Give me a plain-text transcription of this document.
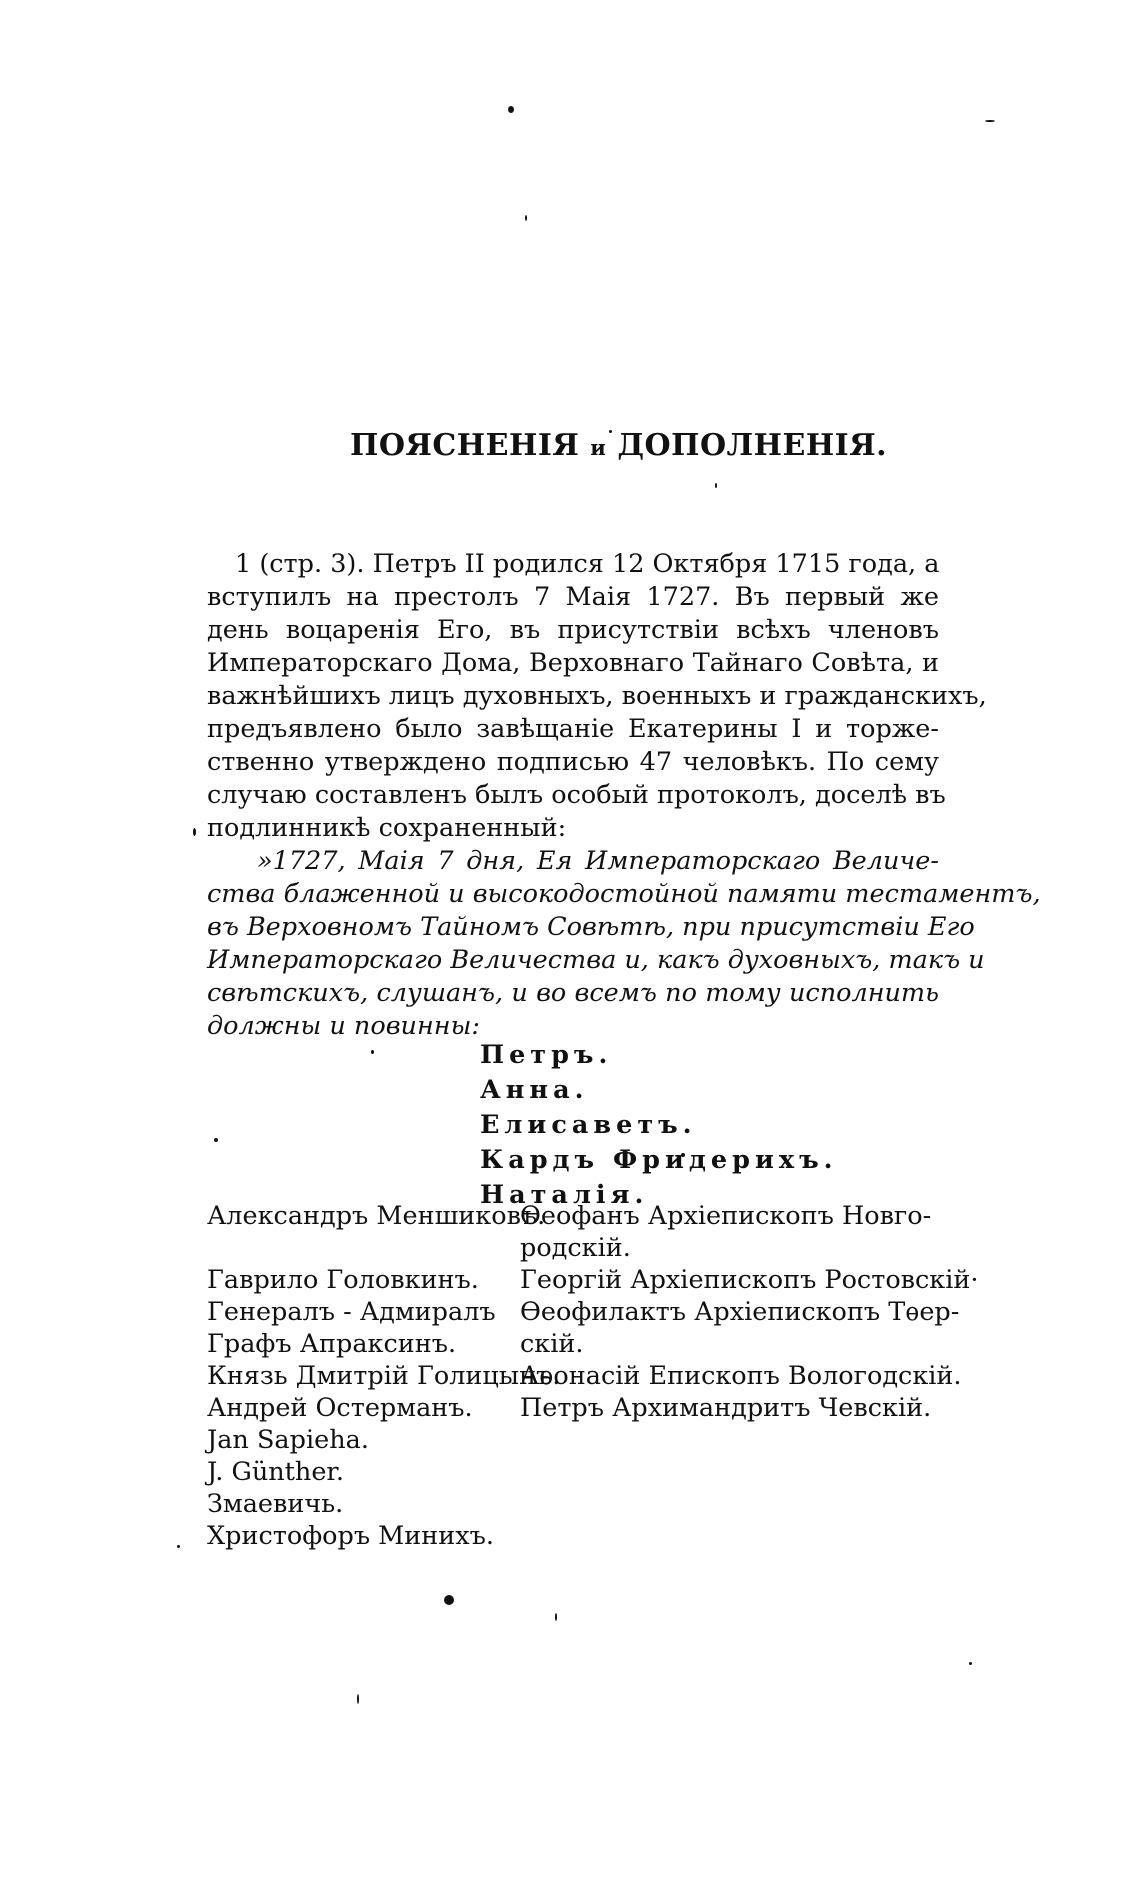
ПОЯСНЕНІЯ и ДОПОЛНЕНІЯ.
1 (стр. 3). Петръ II родился 12 Октября 1715 года, а
вступилъ на престолъ 7 Маія 1727. Въ первый же
день воцаренія Его, въ присутствіи всѣхъ членовъ
Императорскаго Дома, Верховнаго Тайнаго Совѣта, и
важнѣйшихъ лицъ духовныхъ, военныхъ и гражданскихъ,
предъявлено было завѣщаніе Екатерины I и торже-
ственно утверждено подписью 47 человѣкъ. По сему
случаю составленъ былъ особый протоколъ, доселѣ въ
подлинникѣ сохраненный:
»1727, Маія 7 дня, Ея Императорскаго Величе-
ства блаженной и высокодостойной памяти тестаментъ,
въ Верховномъ Тайномъ Совѣтѣ, при присутствіи Его
Императорскаго Величества и, какъ духовныхъ, такъ и
свѣтскихъ, слушанъ, и во всемъ по тому исполнить
должны и повинны:
Петръ.
Анна.
Елисаветъ.
Кардъ Фридерихъ.
Наталія.
Александръ Меншиковъ.
Гаврило Головкинъ.
Генералъ - Адмиралъ
Графъ Апраксинъ.
Князь Дмитрій Голицынъ.
Андрей Остерманъ.
Jan Sapieha.
J. Günther.
Змаевичь.
Христофоръ Минихъ.
Ѳеофанъ Архіепископъ Новго-
родскій.
Георгій Архіепископъ Ростовскій·
Ѳеофилактъ Архіепископъ Тѳер-
скій.
Аѳонасій Епископъ Вологодскій.
Петръ Архимандритъ Чевскій.
